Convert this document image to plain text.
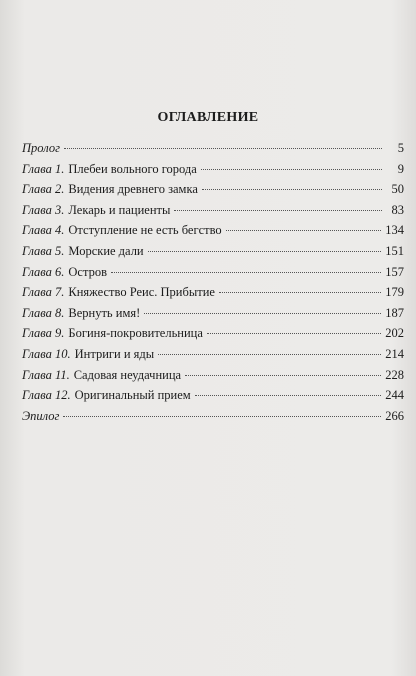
ОГЛАВЛЕНИЕ
Пролог	5
Глава 1. Плебеи вольного города	9
Глава 2. Видения древнего замка	50
Глава 3. Лекарь и пациенты	83
Глава 4. Отступление не есть бегство	134
Глава 5. Морские дали	151
Глава 6. Остров	157
Глава 7. Княжество Реис. Прибытие	179
Глава 8. Вернуть имя!	187
Глава 9. Богиня-покровительница	202
Глава 10. Интриги и яды	214
Глава 11. Садовая неудачница	228
Глава 12. Оригинальный прием	244
Эпилог	266
